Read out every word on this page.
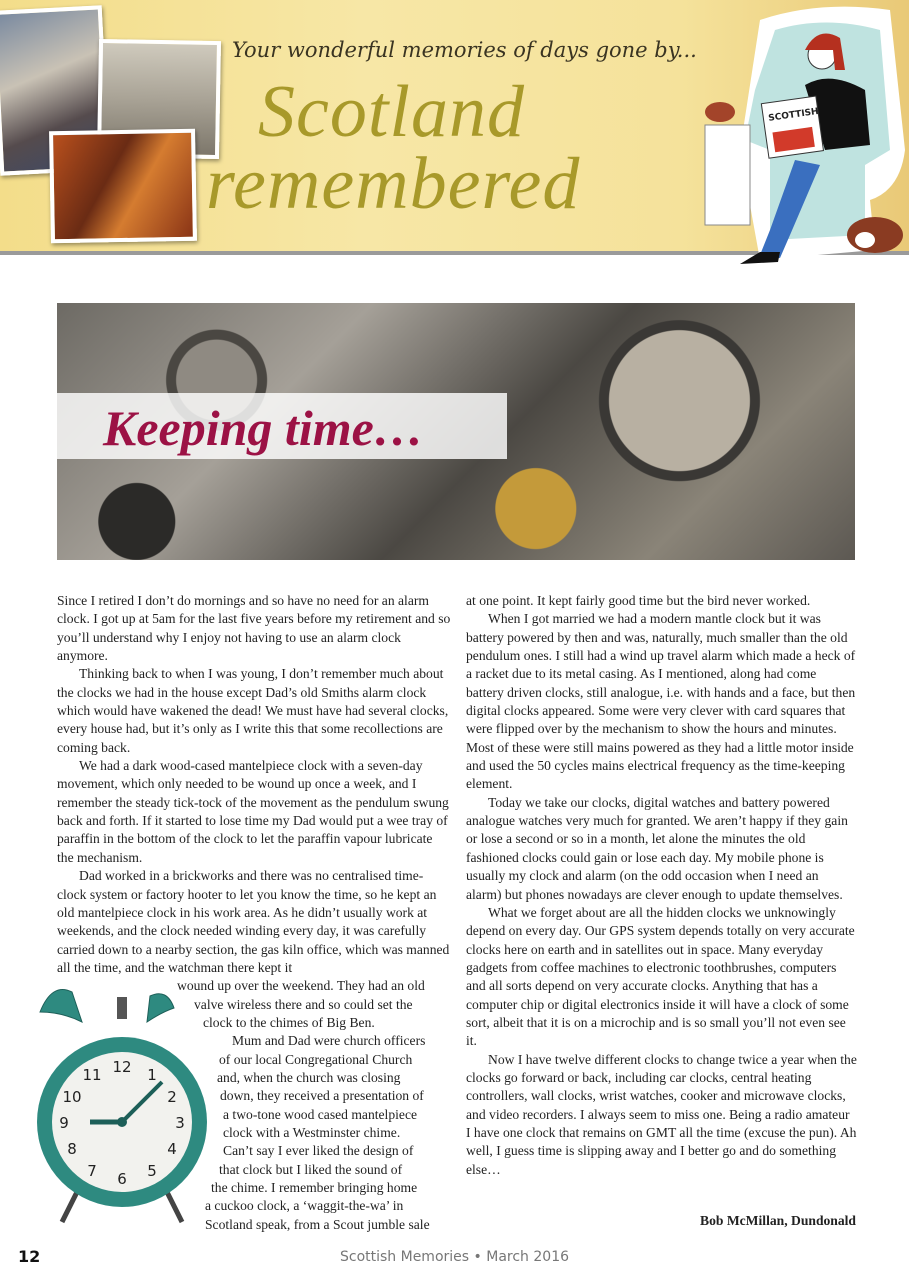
Your wonderful memories of days gone by...
Scotland
remembered
SCOTTISH
Keeping time…

Since I retired I don’t do mornings and so have no need for an alarm clock. I got up at 5am for the last five years before my retirement and so you’ll understand why I enjoy not having to use an alarm clock anymore.

Thinking back to when I was young, I don’t remember much about the clocks we had in the house except Dad’s old Smiths alarm clock which would have wakened the dead! We must have had several clocks, every house had, but it’s only as I write this that some recollections are coming back.

We had a dark wood-cased mantelpiece clock with a seven-day movement, which only needed to be wound up once a week, and I remember the steady tick-tock of the movement as the pendulum swung back and forth. If it started to lose time my Dad would put a wee tray of paraffin in the bottom of the clock to let the paraffin vapour lubricate the mechanism.

Dad worked in a brickworks and there was no centralised time-clock system or factory hooter to let you know the time, so he kept an old mantelpiece clock in his work area. As he didn’t usually work at weekends, and the clock needed winding every day, it was carefully carried down to a nearby section, the gas kiln office, which was manned all the time, and the watchman there kept it

wound up over the weekend. They had an old
valve wireless there and so could set the
clock to the chimes of Big Ben.
Mum and Dad were church officers
of our local Congregational Church
and, when the church was closing
down, they received a presentation of
a two-tone wood cased mantelpiece
clock with a Westminster chime.
Can’t say I ever liked the design of
that clock but I liked the sound of
the chime. I remember bringing home
a cuckoo clock, a ‘waggit-the-wa’ in
Scotland speak, from a Scout jumble sale
12 1
2
3
4
5
6
7
8
9
10
11

at one point. It kept fairly good time but the bird never worked.

When I got married we had a modern mantle clock but it was battery powered by then and was, naturally, much smaller than the old pendulum ones. I still had a wind up travel alarm which made a heck of a racket due to its metal casing. As I mentioned, along had come battery driven clocks, still analogue, i.e. with hands and a face, but then digital clocks appeared. Some were very clever with card squares that were flipped over by the mechanism to show the hours and minutes. Most of these were still mains powered as they had a little motor inside and used the 50 cycles mains electrical frequency as the time-keeping element.

Today we take our clocks, digital watches and battery powered analogue watches very much for granted. We aren’t happy if they gain or lose a second or so in a month, let alone the minutes the old fashioned clocks could gain or lose each day. My mobile phone is usually my clock and alarm (on the odd occasion when I need an alarm) but phones nowadays are clever enough to update themselves.

What we forget about are all the hidden clocks we unknowingly depend on every day. Our GPS system depends totally on very accurate clocks here on earth and in satellites out in space. Many everyday gadgets from coffee machines to electronic toothbrushes, computers and all sorts depend on very accurate clocks. Anything that has a computer chip or digital electronics inside it will have a clock of some sort, albeit that it is on a microchip and is so small you’ll not even see it.

Now I have twelve different clocks to change twice a year when the clocks go forward or back, including car clocks, central heating controllers, wall clocks, wrist watches, cooker and microwave clocks, and video recorders. I always seem to miss one. Being a radio amateur I have one clock that remains on GMT all the time (excuse the pun). Ah well, I guess time is slipping away and I better go and do something else…

Bob McMillan, Dundonald
12	Scottish Memories • March 2016
